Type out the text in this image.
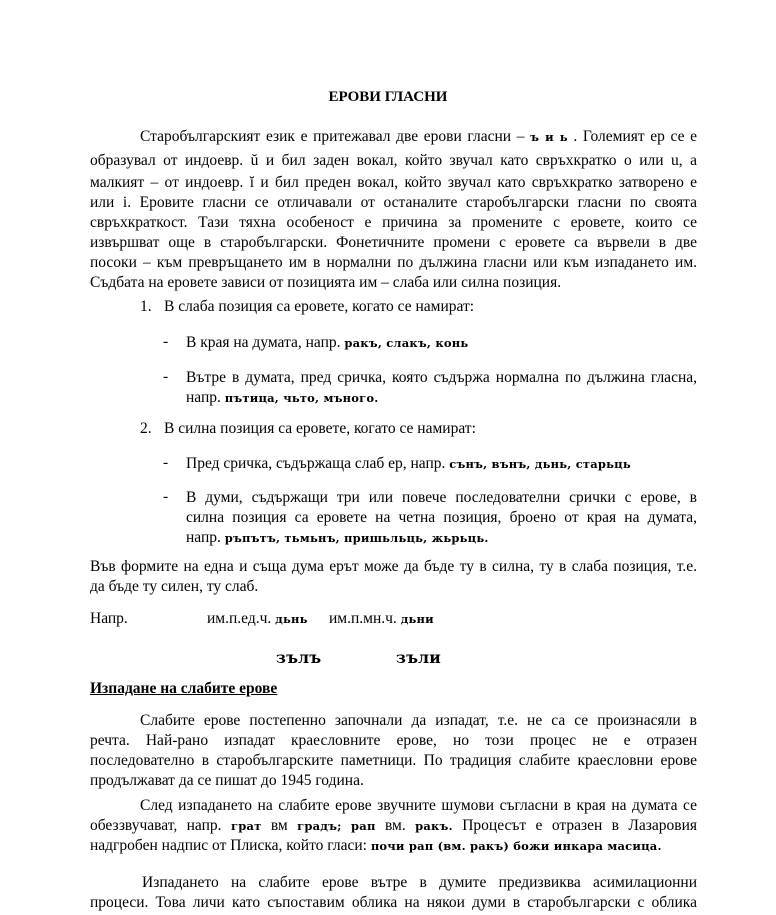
ЕРОВИ ГЛАСНИ
Старобългарският език е притежавал две ерови гласни – ъ и ь . Големият ер се е
образувал от индоевр. ŭ и бил заден вокал, който звучал като свръхкратко о или u, а
малкият – от индоевр. ĭ и бил преден вокал, който звучал като свръхкратко затворено е
или i. Еровите гласни се отличавали от останалите старобългарски гласни по своята
свръхкраткост. Тази тяхна особеност е причина за промените с еровете, които се
извършват още в старобългарски. Фонетичните промени с еровете са вървели в две
посоки – към превръщането им в нормални по дължина гласни или към изпадането им.
Съдбата на еровете зависи от позицията им – слаба или силна позиция.
1. В слаба позиция са еровете, когато се намират:
- В края на думата, напр. ракъ, слакъ, конь
- Вътре в думата, пред сричка, която съдържа нормална по дължина гласна,
напр. пътица, чьто, мъного.
2. В силна позиция са еровете, когато се намират:
- Пред сричка, съдържаща слаб ер, напр. сънъ, вънъ, дьнь, старьць
- В думи, съдържащи три или повече последователни срички с ерове, в
силна позиция са еровете на четна позиция, броено от края на думата,
напр. ръпътъ, тьмьнъ, пришьльць, жьрьць.
Във формите на една и съща дума ерът може да бъде ту в силна, ту в слаба позиция, т.е.
да бъде ту силен, ту слаб.
Напр.	им.п.ед.ч. дьнь им.п.мн.ч. дьни
зълъ	зъли
Изпадане на слабите ерове
Слабите ерове постепенно започнали да изпадат, т.е. не са се произнасяли в
речта. Най-рано изпадат краесловните ерове, но този процес не е отразен
последователно в старобългарските паметници. По традиция слабите краесловни ерове
продължават да се пишат до 1945 година.
След изпадането на слабите ерове звучните шумови съгласни в края на думата се
обеззвучават, напр. грат вм градъ; рап вм. ракъ. Процесът е отразен в Лазаровия
надгробен надпис от Плиска, който гласи: почи рап (вм. ракъ) божи инкара масица.
Изпадането на слабите ерове вътре в думите предизвиква асимилационни
процеси. Това личи като съпоставим облика на някои думи в старобългарски с облика
